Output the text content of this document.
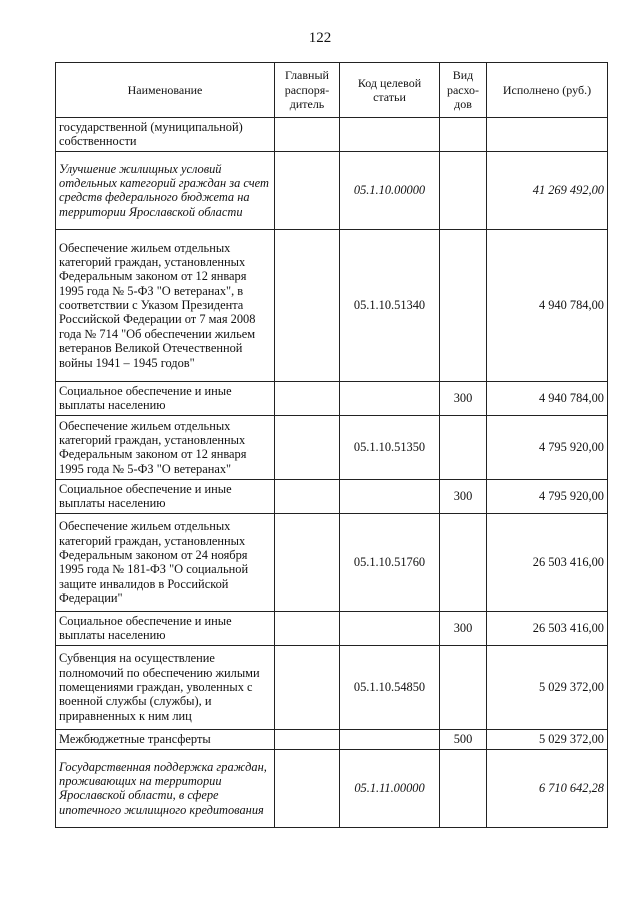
122
Наименование	Главный распоря-дитель	Код целевой статьи	Вид расхо-дов	Исполнено (руб.)
государственной (муниципальной) собственности				
Улучшение жилищных условий отдельных категорий граждан за счет средств федерального бюджета на территории Ярославской области		05.1.10.00000		41 269 492,00
Обеспечение жильем отдельных категорий граждан, установленных Федеральным законом от 12 января 1995 года № 5-ФЗ "О ветеранах", в соответствии с Указом Президента Российской Федерации от 7 мая 2008 года № 714 "Об обеспечении жильем ветеранов Великой Отечественной войны 1941 – 1945 годов"		05.1.10.51340		4 940 784,00
Социальное обеспечение и иные выплаты населению			300	4 940 784,00
Обеспечение жильем отдельных категорий граждан, установленных Федеральным законом от 12 января 1995 года № 5-ФЗ "О ветеранах"		05.1.10.51350		4 795 920,00
Социальное обеспечение и иные выплаты населению			300	4 795 920,00
Обеспечение жильем отдельных категорий граждан, установленных Федеральным законом от 24 ноября 1995 года № 181-ФЗ "О социальной защите инвалидов в Российской Федерации"		05.1.10.51760		26 503 416,00
Социальное обеспечение и иные выплаты населению			300	26 503 416,00
Субвенция на осуществление полномочий по обеспечению жилыми помещениями граждан, уволенных с военной службы (службы), и приравненных к ним лиц		05.1.10.54850		5 029 372,00
Межбюджетные трансферты			500	5 029 372,00
Государственная поддержка граждан, проживающих на территории Ярославской области, в сфере ипотечного жилищного кредитования		05.1.11.00000		6 710 642,28
